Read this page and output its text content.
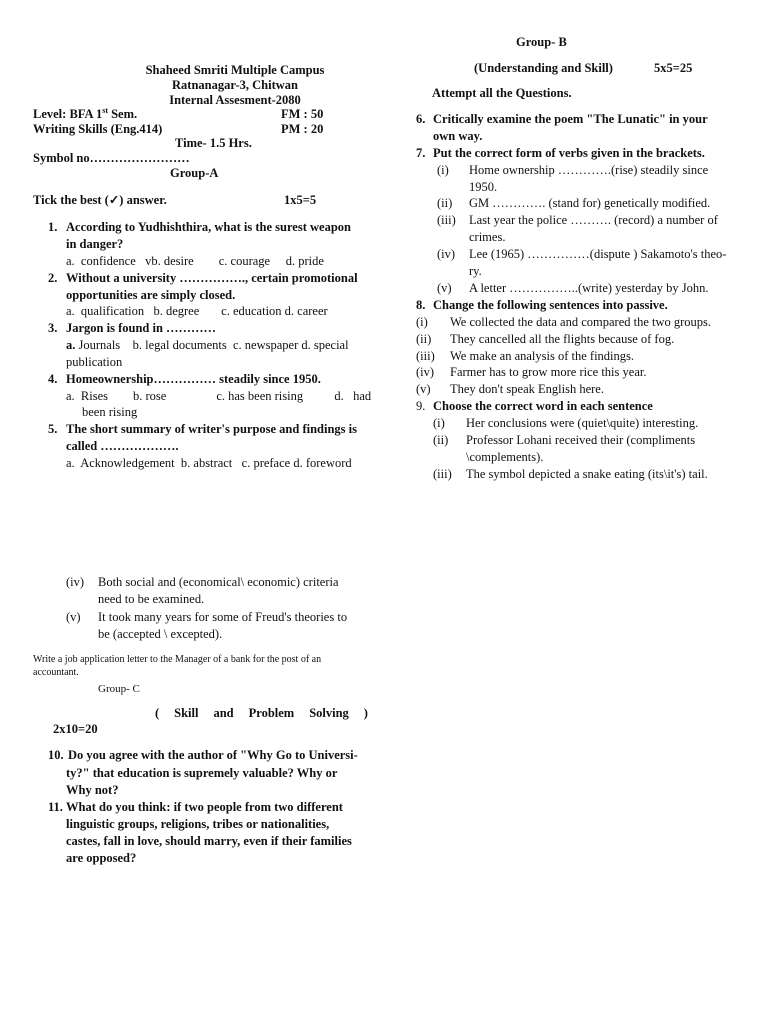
Shaheed Smriti Multiple Campus
Ratnanagar-3, Chitwan
Internal Assesment-2080
Level: BFA 1st Sem.	FM : 50
Writing Skills (Eng.414)	PM : 20
Time- 1.5 Hrs.
Symbol no……………………
Group-A
Tick the best (✓) answer.	1x5=5
1. According to Yudhishthira, what is the surest weapon
in danger?
a.  confidence   vb. desire        c. courage     d. pride
2. Without a university ……………., certain promotional
opportunities are simply closed.
a.  qualification   b. degree       c. education d. career
3. Jargon is found in …………
a. Journals    b. legal documents  c. newspaper d. special
publication
4. Homeownership…………… steadily since 1950.
a.  Rises        b. rose                c. has been rising          d.   had
been rising
5. The short summary of writer's purpose and findings is
called ……………….
a.  Acknowledgement  b. abstract   c. preface d. foreword
(iv) Both social and (economical\ economic) criteria
need to be examined.
(v) It took many years for some of Freud's theories to
be (accepted \ excepted).
Write a job application letter to the Manager of a bank for the post of an
accountant.
Group- C
( Skill and Problem Solving )
2x10=20
10. Do you agree with the author of "Why Go to Universi-
ty?" that education is supremely valuable? Why or
Why not?
11. What do you think: if two people from two different
linguistic groups, religions, tribes or nationalities,
castes, fall in love, should marry, even if their families
are opposed?
Group- B
(Understanding and Skill)	5x5=25
Attempt all the Questions.
6. Critically examine the poem "The Lunatic" in your
own way.
7. Put the correct form of verbs given in the brackets.
(i) Home ownership ………….(rise) steadily since
1950.
(ii) GM …………. (stand for) genetically modified.
(iii) Last year the police ………. (record) a number of
crimes.
(iv) Lee (1965) ……………(dispute ) Sakamoto's theo-
ry.
(v) A letter ……………..(write) yesterday by John.
8. Change the following sentences into passive.
(i) We collected the data and compared the two groups.
(ii) They cancelled all the flights because of fog.
(iii) We make an analysis of the findings.
(iv) Farmer has to grow more rice this year.
(v) They don't speak English here.
9. Choose the correct word in each sentence
(i) Her conclusions were (quiet\quite) interesting.
(ii) Professor Lohani received their (compliments
\complements).
(iii) The symbol depicted a snake eating (its\it's) tail.
